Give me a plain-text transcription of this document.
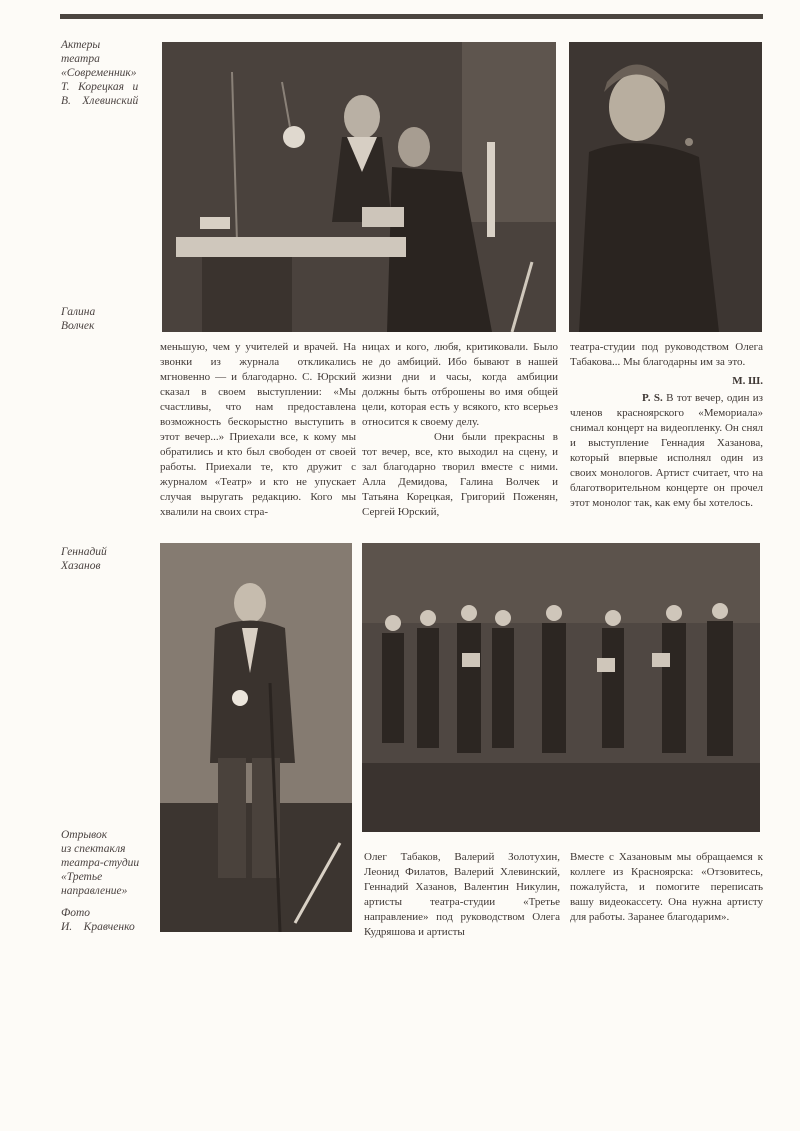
Актеры
театра
«Современник»
Т.   Корецкая   и
В.    Хлевинский
Галина
Волчек
Геннадий
Хазанов
Отрывок
из спектакля
театра-студии
«Третье
направление»
Фото
И.    Кравченко

меньшую, чем у учителей и врачей. На звонки из журнала откликались мгновенно — и благодарно. С. Юрский сказал в своем выступлении: «Мы счастливы, что нам предоставлена возможность бескорыстно выступить в этот вечер...» Приехали все, к кому мы обратились и кто был свободен от своей работы. Приехали те, кто дружит с журналом «Театр» и кто не упускает случая выругать редакцию. Кого мы хвалили на своих стра-

ницах и кого, любя, критиковали. Было не до амбиций. Ибо бывают в нашей жизни дни и часы, когда амбиции должны быть отброшены во имя общей цели, которая есть у всякого, кто всерьез относится к своему делу.

Они были прекрасны в тот вечер, все, кто выходил на сцену, и зал благодарно творил вместе с ними. Алла Демидова, Галина Волчек и Татьяна Корецкая, Григорий Поженян, Сергей Юрский,

театра-студии под руководством Олега Табакова... Мы благодарны им за это.

М. Ш.

P. S. В тот вечер, один из членов красноярского «Мемориала» снимал концерт на видеопленку. Он снял и выступление Геннадия Хазанова, который впервые исполнял один из своих монологов. Артист считает, что на благотворительном концерте он прочел этот монолог так, как ему бы хотелось.

Олег Табаков, Валерий Золотухин, Леонид Филатов, Валерий Хлевинский, Геннадий Хазанов, Валентин Никулин, артисты театра-студии «Третье направление» под руководством Олега Кудряшова и артисты

Вместе с Хазановым мы обращаемся к коллеге из Красноярска: «Отзовитесь, пожалуйста, и помогите переписать вашу видеокассету. Она нужна артисту для работы. Заранее благодарим».
